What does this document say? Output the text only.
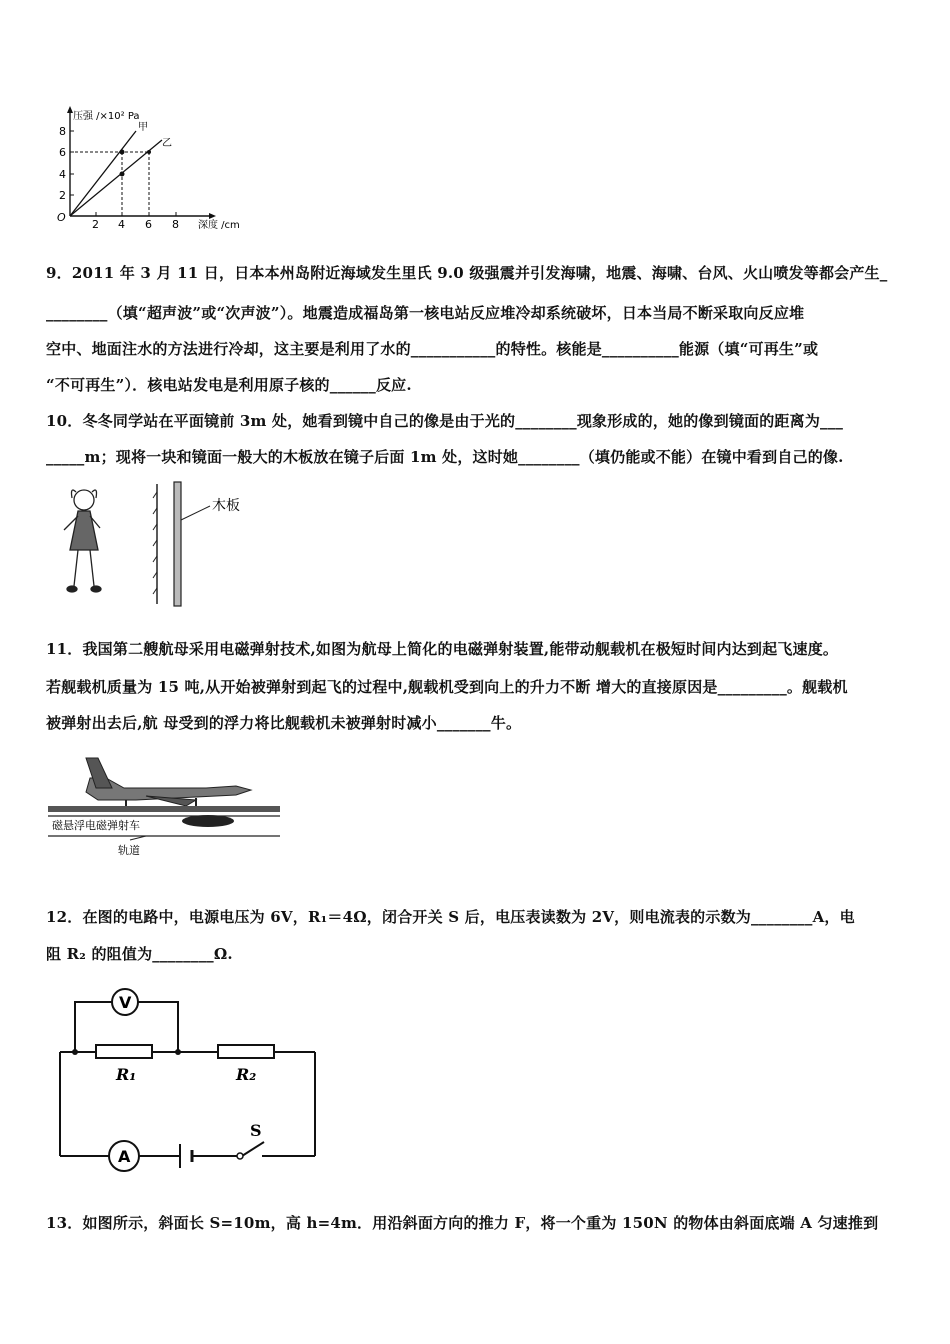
压强 /×10² Pa
深度 /cm
O
8
6
4
2
2 4 6 8
甲
乙
9．2011 年 3 月 11 日，日本本州岛附近海域发生里氏 9.0 级强震并引发海啸，地震、海啸、台风、火山喷发等都会产生_
________（填“超声波”或“次声波”）。地震造成福岛第一核电站反应堆冷却系统破坏，日本当局不断采取向反应堆
空中、地面注水的方法进行冷却，这主要是利用了水的___________的特性。核能是__________能源（填“可再生”或
“不可再生”）．核电站发电是利用原子核的______反应.
10．冬冬同学站在平面镜前 3m 处，她看到镜中自己的像是由于光的________现象形成的，她的像到镜面的距离为___
_____m；现将一块和镜面一般大的木板放在镜子后面 1m 处，这时她________（填仍能或不能）在镜中看到自己的像.
木板
11．我国第二艘航母采用电磁弹射技术,如图为航母上简化的电磁弹射装置,能带动舰载机在极短时间内达到起飞速度。
若舰载机质量为 15 吨,从开始被弹射到起飞的过程中,舰载机受到向上的升力不断 增大的直接原因是_________。舰载机
被弹射出去后,航 母受到的浮力将比舰载机未被弹射时减小_______牛。
磁悬浮电磁弹射车
轨道
12．在图的电路中，电源电压为 6V，R₁＝4Ω，闭合开关 S 后，电压表读数为 2V，则电流表的示数为________A，电
阻 R₂ 的阻值为________Ω.
V
A
R₁	R₂
S
13．如图所示，斜面长 S=10m，高 h=4m．用沿斜面方向的推力 F，将一个重为 150N 的物体由斜面底端 A 匀速推到
